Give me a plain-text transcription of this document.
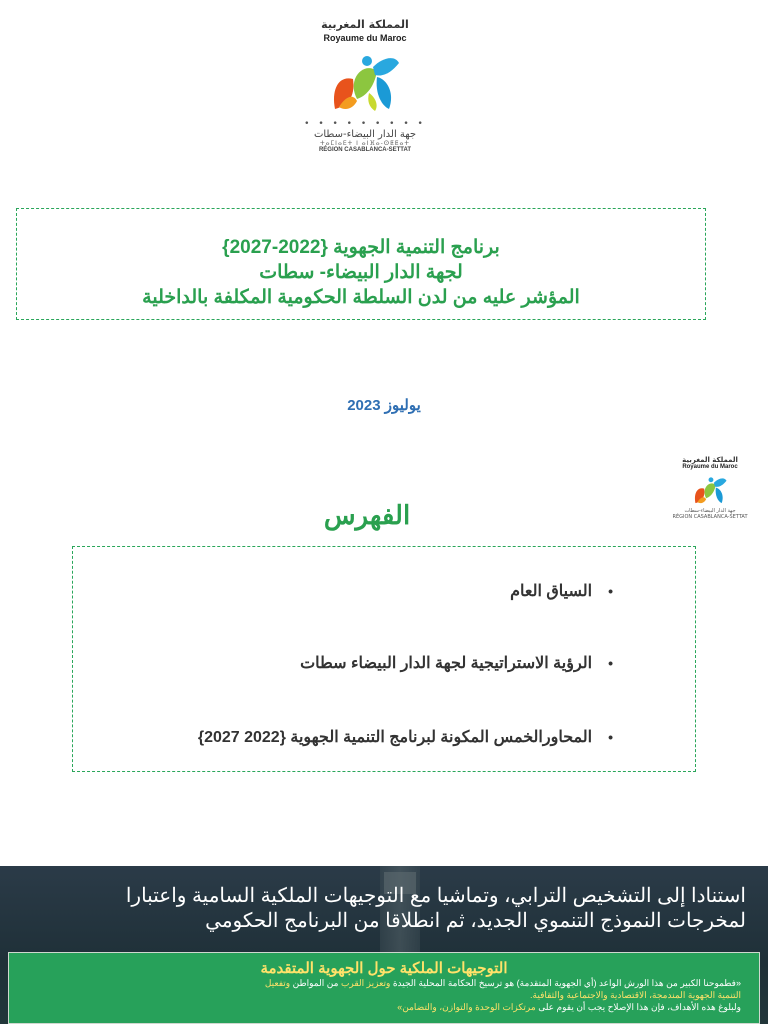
المملكة المغربية
Royaume du Maroc
• • • • • • • • •
جهة الدار البيضاء-سطات
ⵜⴰⵎⵏⴰⴹⵜ ⵏ ⴰⵏⴼⴰ-ⵙⵟⵟⴰⵜ
RÉGION CASABLANCA-SETTAT
برنامج التنمية الجهوية {2022-2027}
لجهة الدار البيضاء- سطات
المؤشر عليه من لدن السلطة الحكومية المكلفة بالداخلية
يوليوز 2023
المملكة المغربية
Royaume du Maroc
جهة الدار البيضاء-سطات
RÉGION CASABLANCA-SETTAT
الفهرس
•السياق العام
•الرؤية الاستراتيجية لجهة الدار البيضاء سطات
•المحاورالخمس المكونة لبرنامج التنمية الجهوية {2022 2027}
استنادا إلى التشخيص الترابي، وتماشيا مع التوجيهات الملكية السامية واعتبارا
لمخرجات النموذج التنموي الجديد، ثم انطلاقا من البرنامج الحكومي
التوجيهات الملكية حول الجهوية المتقدمة
«فطموحنا الكبير من هذا الورش الواعد (أي الجهوية المتقدمة) هو ترسيخ الحكامة المحلية الجيدة وتعزيز القرب من المواطن وتفعيل
التنمية الجهوية المندمجة، الاقتصادية والاجتماعية والثقافية.
ولبلوغ هذه الأهداف، فإن هذا الإصلاح يجب أن يقوم على مرتكزات الوحدة والتوازن، والتضامن»
